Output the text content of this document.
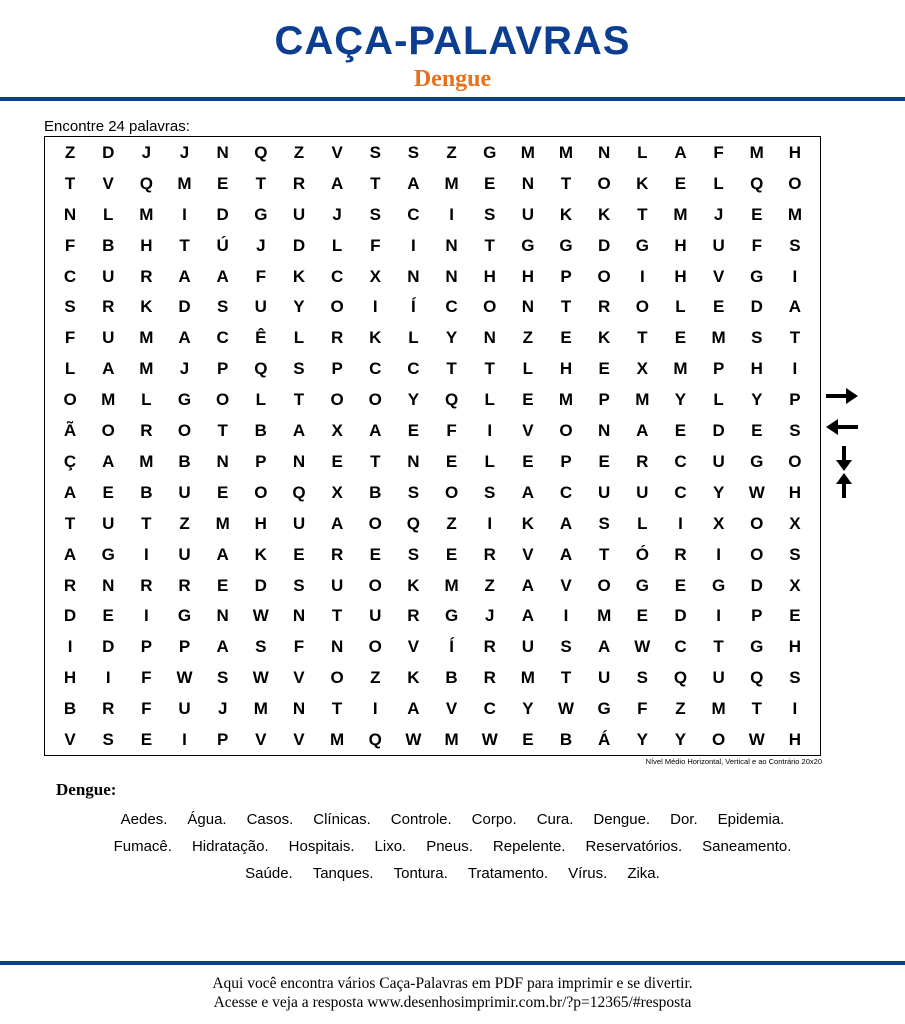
CAÇA-PALAVRAS
Dengue
Encontre 24 palavras:
Z	D	J	J	N	Q	Z	V	S	S	Z	G	M	M	N	L	A	F	M	H
T	V	Q	M	E	T	R	A	T	A	M	E	N	T	O	K	E	L	Q	O
N	L	M	I	D	G	U	J	S	C	I	S	U	K	K	T	M	J	E	M
F	B	H	T	Ú	J	D	L	F	I	N	T	G	G	D	G	H	U	F	S
C	U	R	A	A	F	K	C	X	N	N	H	H	P	O	I	H	V	G	I
S	R	K	D	S	U	Y	O	I	Í	C	O	N	T	R	O	L	E	D	A
F	U	M	A	C	Ê	L	R	K	L	Y	N	Z	E	K	T	E	M	S	T
L	A	M	J	P	Q	S	P	C	C	T	T	L	H	E	X	M	P	H	I
O	M	L	G	O	L	T	O	O	Y	Q	L	E	M	P	M	Y	L	Y	P
Ã	O	R	O	T	B	A	X	A	E	F	I	V	O	N	A	E	D	E	S
Ç	A	M	B	N	P	N	E	T	N	E	L	E	P	E	R	C	U	G	O
A	E	B	U	E	O	Q	X	B	S	O	S	A	C	U	U	C	Y	W	H
T	U	T	Z	M	H	U	A	O	Q	Z	I	K	A	S	L	I	X	O	X
A	G	I	U	A	K	E	R	E	S	E	R	V	A	T	Ó	R	I	O	S
R	N	R	R	E	D	S	U	O	K	M	Z	A	V	O	G	E	G	D	X
D	E	I	G	N	W	N	T	U	R	G	J	A	I	M	E	D	I	P	E
I	D	P	P	A	S	F	N	O	V	Í	R	U	S	A	W	C	T	G	H
H	I	F	W	S	W	V	O	Z	K	B	R	M	T	U	S	Q	U	Q	S
B	R	F	U	J	M	N	T	I	A	V	C	Y	W	G	F	Z	M	T	I
V	S	E	I	P	V	V	M	Q	W	M	W	E	B	Á	Y	Y	O	W	H
Nível Médio Horizontal, Vertical e ao Contrário 20x20
Dengue:
Aedes. Água. Casos. Clínicas. Controle. Corpo. Cura. Dengue. Dor. Epidemia.
Fumacê. Hidratação. Hospitais. Lixo. Pneus. Repelente. Reservatórios. Saneamento.
Saúde. Tanques. Tontura. Tratamento. Vírus. Zika.
Aqui você encontra vários Caça-Palavras em PDF para imprimir e se divertir.
Acesse e veja a resposta www.desenhosimprimir.com.br/?p=12365/#resposta
